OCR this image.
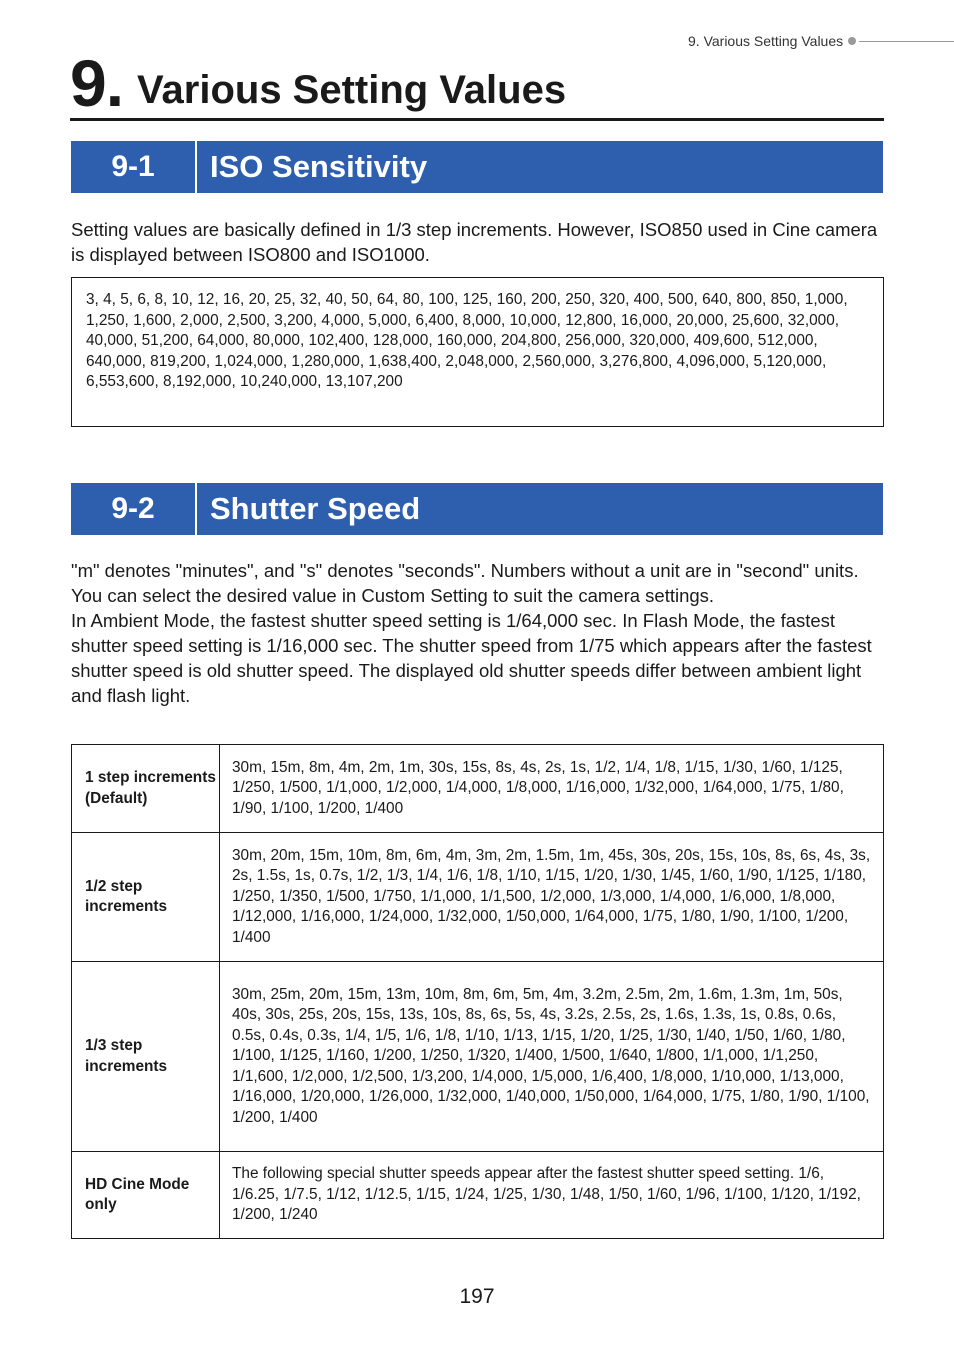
9. Various Setting Values
9. Various Setting Values
9-1	ISO Sensitivity

Setting values are basically defined in 1/3 step increments. However, ISO850 used in Cine camera is displayed between ISO800 and ISO1000.

3, 4, 5, 6, 8, 10, 12, 16, 20, 25, 32, 40, 50, 64, 80, 100, 125, 160, 200, 250, 320, 400, 500, 640, 800, 850, 1,000, 1,250, 1,600, 2,000, 2,500, 3,200, 4,000, 5,000, 6,400, 8,000, 10,000, 12,800, 16,000, 20,000, 25,600, 32,000, 40,000, 51,200, 64,000, 80,000, 102,400, 128,000, 160,000, 204,800, 256,000, 320,000, 409,600, 512,000, 640,000, 819,200, 1,024,000, 1,280,000, 1,638,400, 2,048,000, 2,560,000, 3,276,800, 4,096,000, 5,120,000, 6,553,600, 8,192,000, 10,240,000, 13,107,200
9-2	Shutter Speed

"m" denotes "minutes", and "s" denotes "seconds". Numbers without a unit are in "second" units. You can select the desired value in Custom Setting to suit the camera settings.

In Ambient Mode, the fastest shutter speed setting is 1/64,000 sec. In Flash Mode, the fastest shutter speed setting is 1/16,000 sec. The shutter speed from 1/75 which appears after the fastest shutter speed is old shutter speed. The displayed old shutter speeds differ between ambient light and flash light.

1 step increments (Default)	30m, 15m, 8m, 4m, 2m, 1m, 30s, 15s, 8s, 4s, 2s, 1s, 1/2, 1/4, 1/8, 1/15, 1/30, 1/60, 1/125, 1/250, 1/500, 1/1,000, 1/2,000, 1/4,000, 1/8,000, 1/16,000, 1/32,000, 1/64,000, 1/75, 1/80, 1/90, 1/100, 1/200, 1/400
1/2 step increments	30m, 20m, 15m, 10m, 8m, 6m, 4m, 3m, 2m, 1.5m, 1m, 45s, 30s, 20s, 15s, 10s, 8s, 6s, 4s, 3s, 2s, 1.5s, 1s, 0.7s, 1/2, 1/3, 1/4, 1/6, 1/8, 1/10, 1/15, 1/20, 1/30, 1/45, 1/60, 1/90, 1/125, 1/180, 1/250, 1/350, 1/500, 1/750, 1/1,000, 1/1,500, 1/2,000, 1/3,000, 1/4,000, 1/6,000, 1/8,000, 1/12,000, 1/16,000, 1/24,000, 1/32,000, 1/50,000, 1/64,000, 1/75, 1/80, 1/90, 1/100, 1/200, 1/400
1/3 step increments	30m, 25m, 20m, 15m, 13m, 10m, 8m, 6m, 5m, 4m, 3.2m, 2.5m, 2m, 1.6m, 1.3m, 1m, 50s, 40s, 30s, 25s, 20s, 15s, 13s, 10s, 8s, 6s, 5s, 4s, 3.2s, 2.5s, 2s, 1.6s, 1.3s, 1s, 0.8s, 0.6s, 0.5s, 0.4s, 0.3s, 1/4, 1/5, 1/6, 1/8, 1/10, 1/13, 1/15, 1/20, 1/25, 1/30, 1/40, 1/50, 1/60, 1/80, 1/100, 1/125, 1/160, 1/200, 1/250, 1/320, 1/400, 1/500, 1/640, 1/800, 1/1,000, 1/1,250, 1/1,600, 1/2,000, 1/2,500, 1/3,200, 1/4,000, 1/5,000, 1/6,400, 1/8,000, 1/10,000, 1/13,000, 1/16,000, 1/20,000, 1/26,000, 1/32,000, 1/40,000, 1/50,000, 1/64,000, 1/75, 1/80, 1/90, 1/100, 1/200, 1/400
HD Cine Mode only	The following special shutter speeds appear after the fastest shutter speed setting. 1/6, 1/6.25, 1/7.5, 1/12, 1/12.5, 1/15, 1/24, 1/25, 1/30, 1/48, 1/50, 1/60, 1/96, 1/100, 1/120, 1/192, 1/200, 1/240
197
